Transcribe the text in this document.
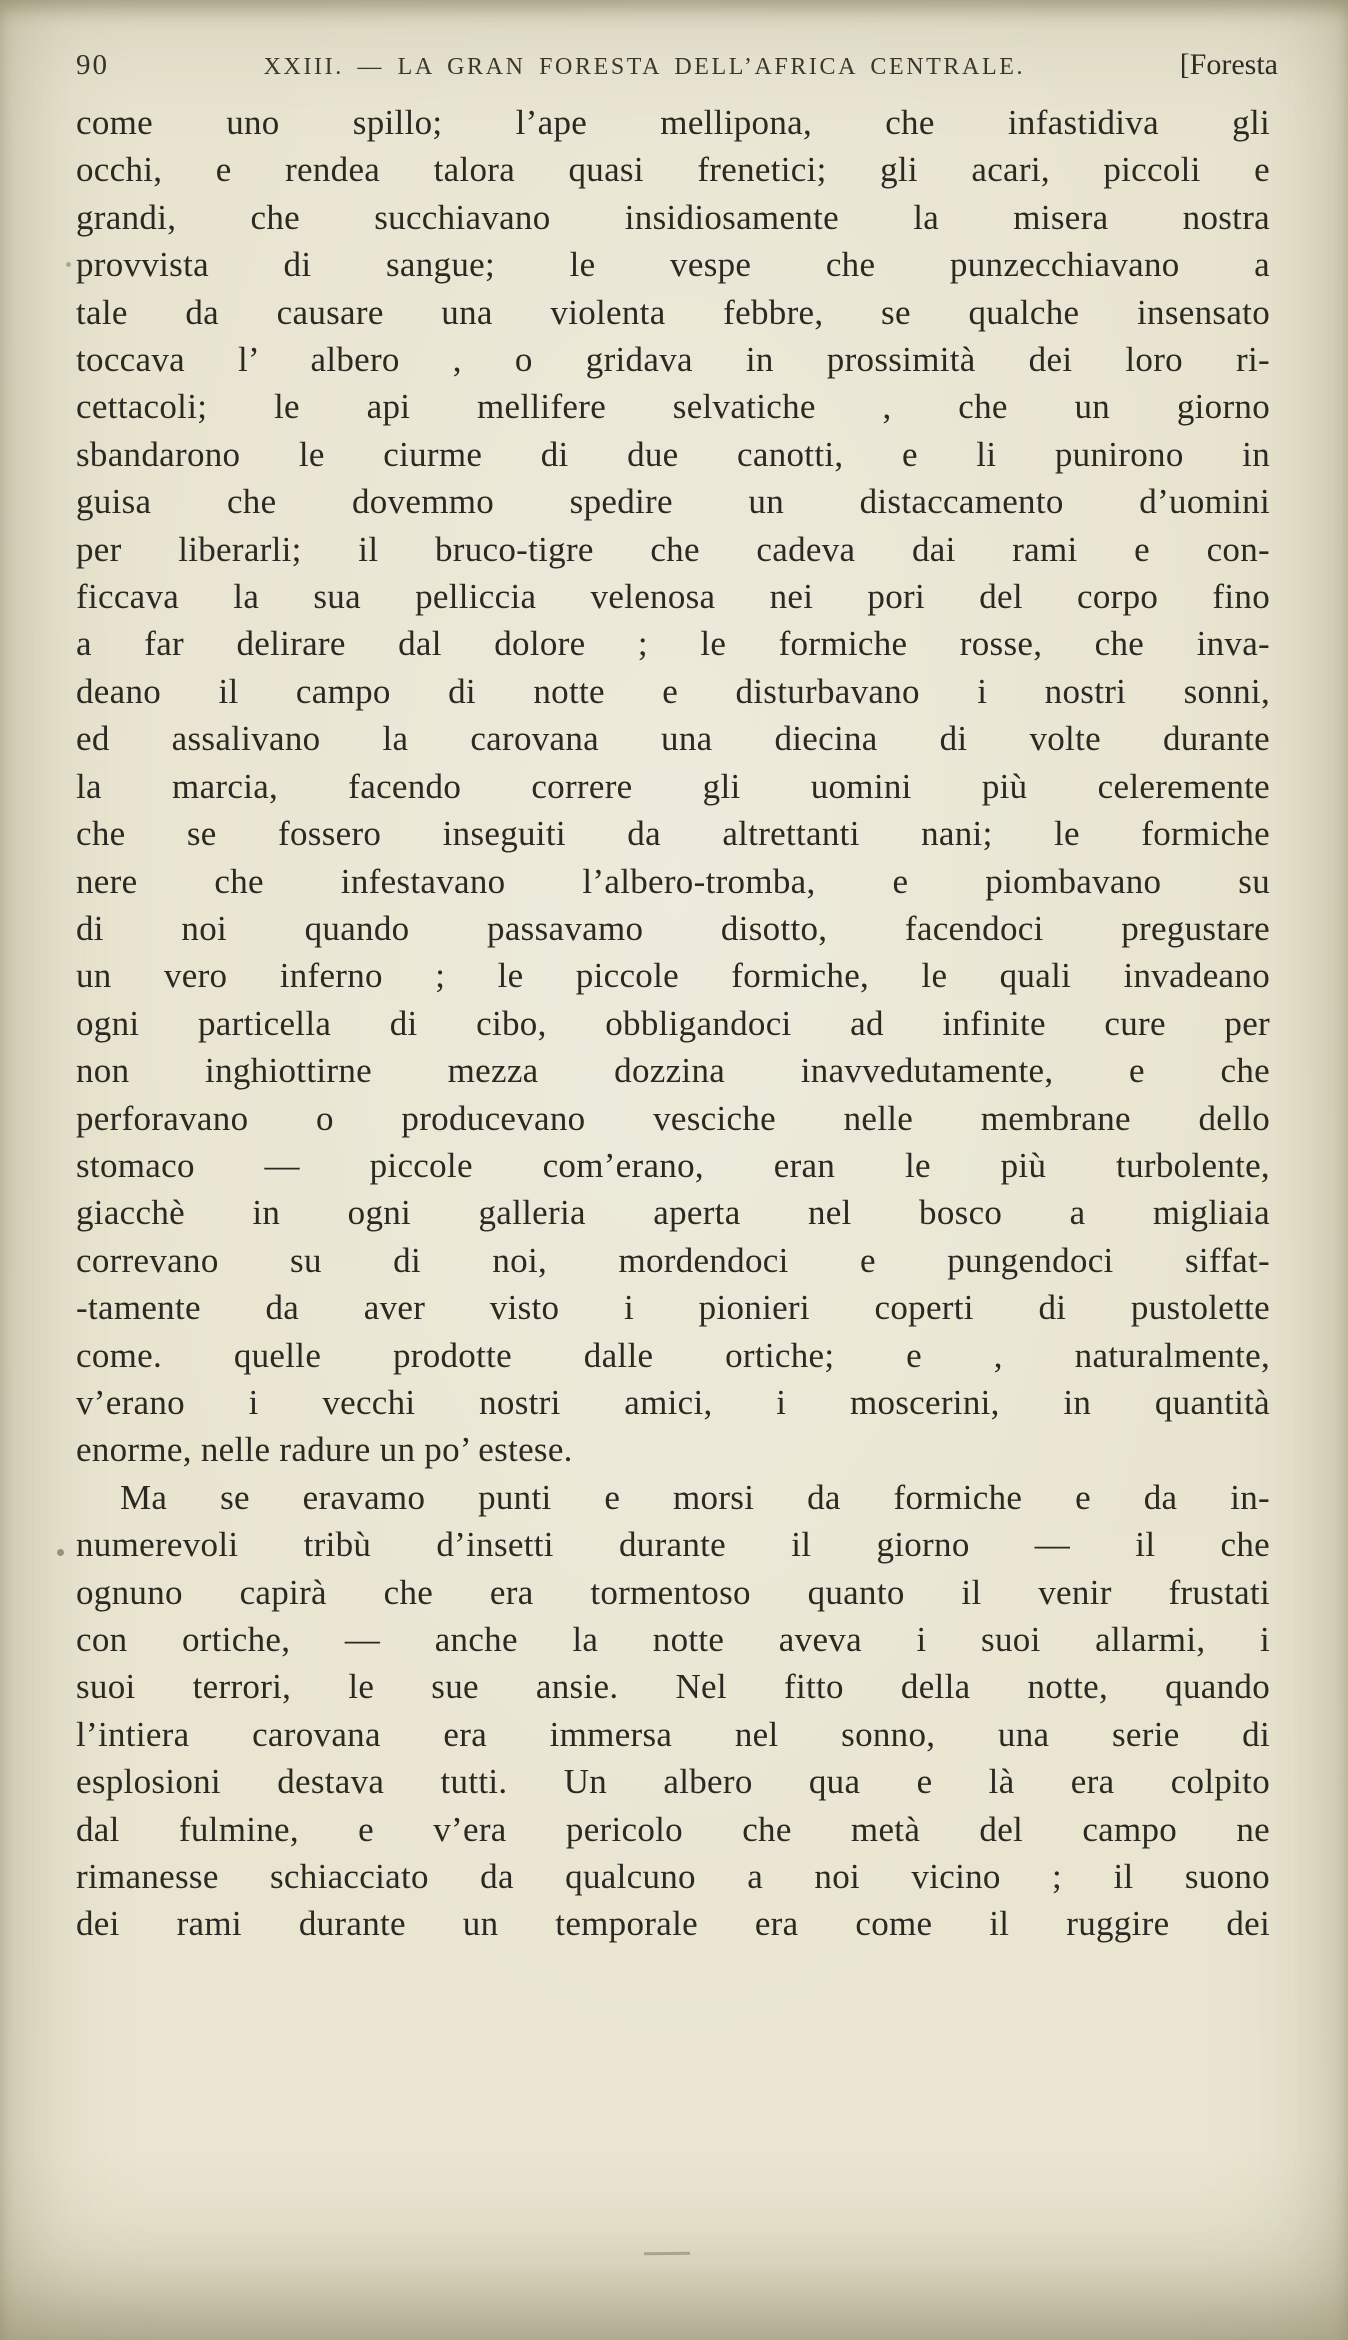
90	XXIII. — LA GRAN FORESTA DELL’AFRICA CENTRALE.	[Foresta
come uno spillo; l’ape mellipona, che infastidiva gli
occhi, e rendea talora quasi frenetici; gli acari, piccoli e
grandi, che succhiavano insidiosamente la misera nostra
provvista di sangue; le vespe che punzecchiavano a
tale da causare una violenta febbre, se qualche insensato
toccava l’ albero , o gridava in prossimità dei loro ri-
cettacoli; le api mellifere selvatiche , che un giorno
sbandarono le ciurme di due canotti, e li punirono in
guisa che dovemmo spedire un distaccamento d’uomini
per liberarli; il bruco-tigre che cadeva dai rami e con-
ficcava la sua pelliccia velenosa nei pori del corpo fino
a far delirare dal dolore ; le formiche rosse, che inva-
deano il campo di notte e disturbavano i nostri sonni,
ed assalivano la carovana una diecina di volte durante
la marcia, facendo correre gli uomini più celeremente
che se fossero inseguiti da altrettanti nani; le formiche
nere che infestavano l’albero-tromba, e piombavano su
di noi quando passavamo disotto, facendoci pregustare
un vero inferno ; le piccole formiche, le quali invadeano
ogni particella di cibo, obbligandoci ad infinite cure per
non inghiottirne mezza dozzina inavvedutamente, e che
perforavano o producevano vesciche nelle membrane dello
stomaco — piccole com’erano, eran le più turbolente,
giacchè in ogni galleria aperta nel bosco a migliaia
correvano su di noi, mordendoci e pungendoci siffat-
-tamente da aver visto i pionieri coperti di pustolette
come. quelle prodotte dalle ortiche; e , naturalmente,
v’erano i vecchi nostri amici, i moscerini, in quantità
enorme, nelle radure un po’ estese.
Ma se eravamo punti e morsi da formiche e da in-
numerevoli tribù d’insetti durante il giorno — il che
ognuno capirà che era tormentoso quanto il venir frustati
con ortiche, — anche la notte aveva i suoi allarmi, i
suoi terrori, le sue ansie. Nel fitto della notte, quando
l’intiera carovana era immersa nel sonno, una serie di
esplosioni destava tutti. Un albero qua e là era colpito
dal fulmine, e v’era pericolo che metà del campo ne
rimanesse schiacciato da qualcuno a noi vicino ; il suono
dei rami durante un temporale era come il ruggire dei
